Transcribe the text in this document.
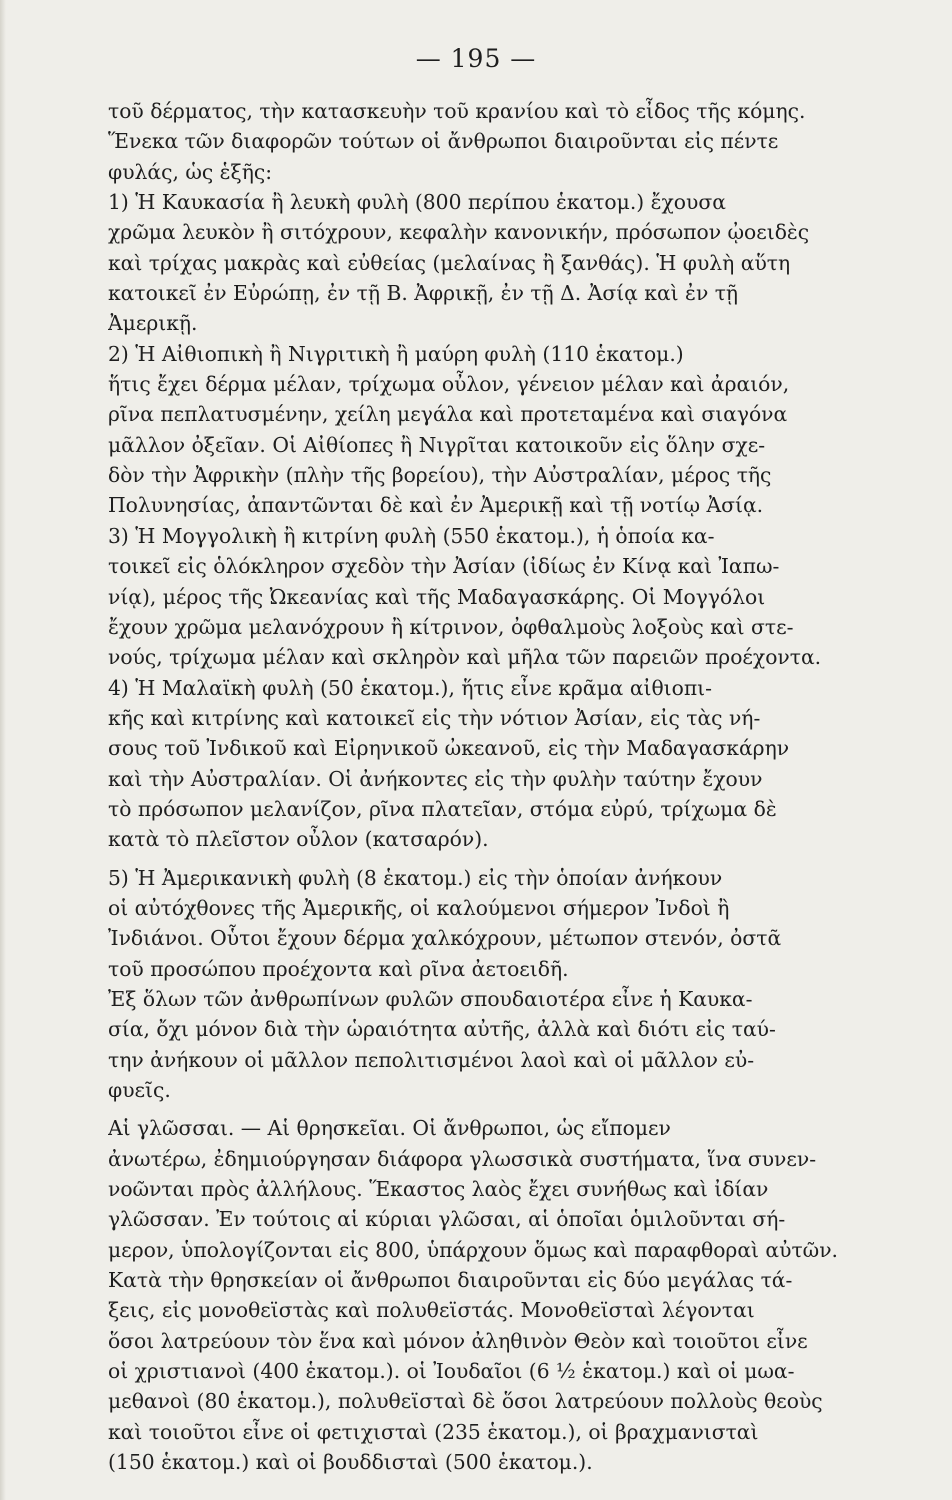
— 195 —
τοῦ δέρματος, τὴν κατασκευὴν τοῦ κρανίου καὶ τὸ εἶδος τῆς κόμης.
Ἕνεκα τῶν διαφορῶν τούτων οἱ ἄνθρωποι διαιροῦνται εἰς πέντε
φυλάς, ὡς ἑξῆς:
1) Ἡ Καυκασία ἢ λευκὴ φυλὴ (800 περίπου ἑκατομ.) ἔχουσα
χρῶμα λευκὸν ἢ σιτόχρουν, κεφαλὴν κανονικήν, πρόσωπον ᾠοειδὲς
καὶ τρίχας μακρὰς καὶ εὐθείας (μελαίνας ἢ ξανθάς). Ἡ φυλὴ αὕτη
κατοικεῖ ἐν Εὐρώπῃ, ἐν τῇ Β. Ἀφρικῇ, ἐν τῇ Δ. Ἀσίᾳ καὶ ἐν τῇ
Ἀμερικῇ.
2) Ἡ Αἰθιοπικὴ ἢ Νιγριτικὴ ἢ μαύρη φυλὴ (110 ἑκατομ.)
ἥτις ἔχει δέρμα μέλαν, τρίχωμα οὖλον, γένειον μέλαν καὶ ἀραιόν,
ρῖνα πεπλατυσμένην, χείλη μεγάλα καὶ προτεταμένα καὶ σιαγόνα
μᾶλλον ὀξεῖαν. Οἱ Αἰθίοπες ἢ Νιγρῖται κατοικοῦν εἰς ὅλην σχε-
δὸν τὴν Ἀφρικὴν (πλὴν τῆς βορείου), τὴν Αὐστραλίαν, μέρος τῆς
Πολυνησίας, ἀπαντῶνται δὲ καὶ ἐν Ἀμερικῇ καὶ τῇ νοτίῳ Ἀσίᾳ.
3) Ἡ Μογγολικὴ ἢ κιτρίνη φυλὴ (550 ἑκατομ.), ἡ ὁποία κα-
τοικεῖ εἰς ὁλόκληρον σχεδὸν τὴν Ἀσίαν (ἰδίως ἐν Κίνᾳ καὶ Ἰαπω-
νίᾳ), μέρος τῆς Ὠκεανίας καὶ τῆς Μαδαγασκάρης. Οἱ Μογγόλοι
ἔχουν χρῶμα μελανόχρουν ἢ κίτρινον, ὀφθαλμοὺς λοξοὺς καὶ στε-
νούς, τρίχωμα μέλαν καὶ σκληρὸν καὶ μῆλα τῶν παρειῶν προέχοντα.
4) Ἡ Μαλαϊκὴ φυλὴ (50 ἑκατομ.), ἥτις εἶνε κρᾶμα αἰθιοπι-
κῆς καὶ κιτρίνης καὶ κατοικεῖ εἰς τὴν νότιον Ἀσίαν, εἰς τὰς νή-
σους τοῦ Ἰνδικοῦ καὶ Εἰρηνικοῦ ὠκεανοῦ, εἰς τὴν Μαδαγασκάρην
καὶ τὴν Αὐστραλίαν. Οἱ ἀνήκοντες εἰς τὴν φυλὴν ταύτην ἔχουν
τὸ πρόσωπον μελανίζον, ρῖνα πλατεῖαν, στόμα εὐρύ, τρίχωμα δὲ
κατὰ τὸ πλεῖστον οὖλον (κατσαρόν).
5) Ἡ Ἀμερικανικὴ φυλὴ (8 ἑκατομ.) εἰς τὴν ὁποίαν ἀνήκουν
οἱ αὐτόχθονες τῆς Ἀμερικῆς, οἱ καλούμενοι σήμερον Ἰνδοὶ ἢ
Ἰνδιάνοι. Οὗτοι ἔχουν δέρμα χαλκόχρουν, μέτωπον στενόν, ὀστᾶ
τοῦ προσώπου προέχοντα καὶ ρῖνα ἀετοειδῆ.
Ἐξ ὅλων τῶν ἀνθρωπίνων φυλῶν σπουδαιοτέρα εἶνε ἡ Καυκα-
σία, ὄχι μόνον διὰ τὴν ὡραιότητα αὐτῆς, ἀλλὰ καὶ διότι εἰς ταύ-
την ἀνήκουν οἱ μᾶλλον πεπολιτισμένοι λαοὶ καὶ οἱ μᾶλλον εὐ-
φυεῖς.
Αἱ γλῶσσαι. — Αἱ θρησκεῖαι. Οἱ ἄνθρωποι, ὡς εἴπομεν
ἀνωτέρω, ἐδημιούργησαν διάφορα γλωσσικὰ συστήματα, ἵνα συνεν-
νοῶνται πρὸς ἀλλήλους. Ἕκαστος λαὸς ἔχει συνήθως καὶ ἰδίαν
γλῶσσαν. Ἐν τούτοις αἱ κύριαι γλῶσαι, αἱ ὁποῖαι ὁμιλοῦνται σή-
μερον, ὑπολογίζονται εἰς 800, ὑπάρχουν ὅμως καὶ παραφθοραὶ αὐτῶν.
Κατὰ τὴν θρησκείαν οἱ ἄνθρωποι διαιροῦνται εἰς δύο μεγάλας τά-
ξεις, εἰς μονοθεϊστὰς καὶ πολυθεϊστάς. Μονοθεϊσταὶ λέγονται
ὅσοι λατρεύουν τὸν ἕνα καὶ μόνον ἀληθινὸν Θεὸν καὶ τοιοῦτοι εἶνε
οἱ χριστιανοὶ (400 ἑκατομ.). οἱ Ἰουδαῖοι (6 ½ ἑκατομ.) καὶ οἱ μωα-
μεθανοὶ (80 ἑκατομ.), πολυθεϊσταὶ δὲ ὅσοι λατρεύουν πολλοὺς θεοὺς
καὶ τοιοῦτοι εἶνε οἱ φετιχισταὶ (235 ἑκατομ.), οἱ βραχμανισταὶ
(150 ἑκατομ.) καὶ οἱ βουδδισταὶ (500 ἑκατομ.).
